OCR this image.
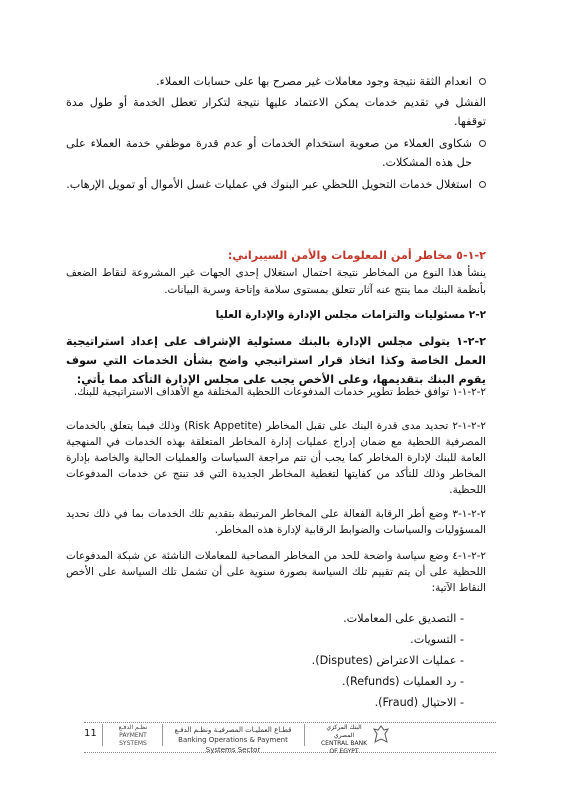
انعدام الثقة نتيجة وجود معاملات غير مصرح بها على حسابات العملاء.
الفشل في تقديم خدمات يمكن الاعتماد عليها نتيجة لتكرار تعطل الخدمة أو طول مدة توقفها.
شكاوى العملاء من صعوبة استخدام الخدمات أو عدم قدرة موظفي خدمة العملاء على حل هذه المشكلات.
استغلال خدمات التحويل اللحظي عبر البنوك في عمليات غسل الأموال أو تمويل الإرهاب.
٢-١-٥ مخاطر أمن المعلومات والأمن السيبراني:
ينشأ هذا النوع من المخاطر نتيجة احتمال استغلال إحدى الجهات غير المشروعة لنقاط الضعف بأنظمة البنك مما ينتج عنه آثار تتعلق بمستوى سلامة وإتاحة وسرية البيانات.
٢-٢ مسئوليات والتزامات مجلس الإدارة والإدارة العليا
٢-٢-١ يتولى مجلس الإدارة بالبنك مسئولية الإشراف على إعداد استراتيجية العمل الخاصة وكذا اتخاذ قرار استراتيجي واضح بشأن الخدمات التي سوف يقوم البنك بتقديمها، وعلى الأخص يجب على مجلس الإدارة التأكد مما يأتي:
٢-٢-١-١ توافق خطط تطوير خدمات المدفوعات اللحظية المختلفة مع الأهداف الاستراتيجية للبنك.
٢-٢-١-٢ تحديد مدى قدرة البنك على تقبل المخاطر (Risk Appetite) وذلك فيما يتعلق بالخدمات المصرفية اللحظية مع ضمان إدراج عمليات إدارة المخاطر المتعلقة بهذه الخدمات في المنهجية العامة للبنك لإدارة المخاطر كما يجب أن تتم مراجعة السياسات والعمليات الحالية والخاصة بإدارة المخاطر وذلك للتأكد من كفايتها لتغطية المخاطر الجديدة التي قد تنتج عن خدمات المدفوعات اللحظية.
٢-٢-١-٣ وضع أطر الرقابة الفعالة على المخاطر المرتبطة بتقديم تلك الخدمات بما في ذلك تحديد المسؤوليات والسياسات والضوابط الرقابية لإدارة هذه المخاطر.
٢-٢-١-٤ وضع سياسة واضحة للحد من المخاطر المصاحبة للمعاملات الناشئة عن شبكة المدفوعات اللحظية على أن يتم تقييم تلك السياسة بصورة سنوية على أن تشمل تلك السياسة على الأخص النقاط الآتية:
11
نظـم الدفـع
PAYMENT SYSTEMS
قطـاع العمليـات المصرفيـة ونظـم الدفـع
Banking Operations & Payment Systems Sector
البنك المركزي المصري
CENTRAL BANK OF EGYPT
- التصديق على المعاملات.
- التسويات.
- عمليات الاعتراض (Disputes).
- رد العمليات (Refunds).
- الاحتيال (Fraud).
